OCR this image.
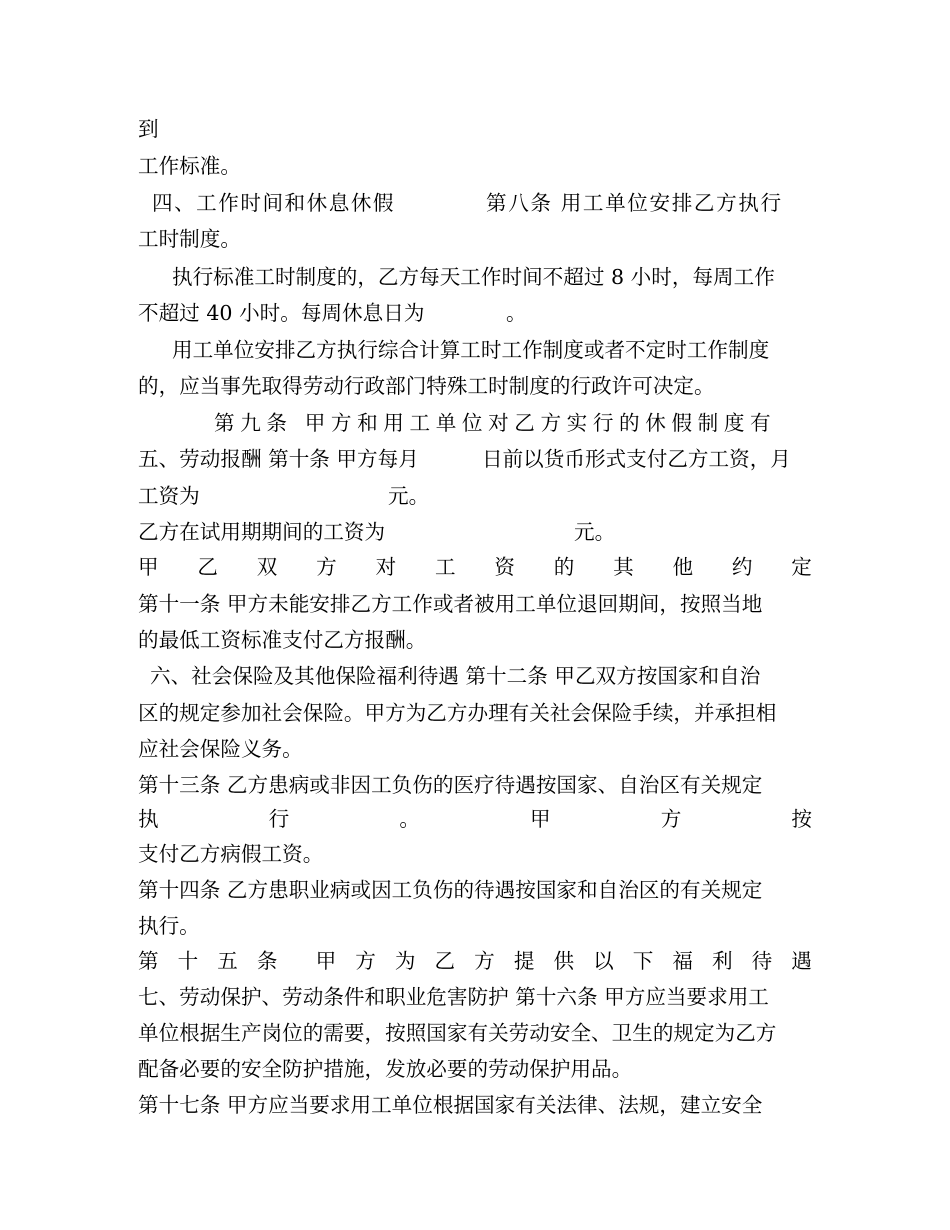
到
工作标准。
四、工作时间和休息休假	第八条 用工单位安排乙方执行
工时制度。
执行标准工时制度的，乙方每天工作时间不超过 8 小时，每周工作
不超过 40 小时。每周休息日为	。
用工单位安排乙方执行综合计算工时工作制度或者不定时工作制度
的，应当事先取得劳动行政部门特殊工时制度的行政许可决定。
第九条 甲方和用工单位对乙方实行的休假制度有
五、劳动报酬 第十条 甲方每月	日前以货币形式支付乙方工资，月
工资为	元。
乙方在试用期期间的工资为	元。
甲 乙 双 方 对 工 资 的 其 他 约 定
第十一条 甲方未能安排乙方工作或者被用工单位退回期间，按照当地
的最低工资标准支付乙方报酬。
六、社会保险及其他保险福利待遇 第十二条 甲乙双方按国家和自治
区的规定参加社会保险。甲方为乙方办理有关社会保险手续，并承担相
应社会保险义务。
第十三条 乙方患病或非因工负伤的医疗待遇按国家、自治区有关规定
执	行	。	甲	方	按
支付乙方病假工资。
第十四条 乙方患职业病或因工负伤的待遇按国家和自治区的有关规定
执行。
第 十 五 条 甲 方 为 乙 方 提 供 以 下 福 利 待 遇
七、劳动保护、劳动条件和职业危害防护 第十六条 甲方应当要求用工
单位根据生产岗位的需要，按照国家有关劳动安全、卫生的规定为乙方
配备必要的安全防护措施，发放必要的劳动保护用品。
第十七条 甲方应当要求用工单位根据国家有关法律、法规，建立安全
